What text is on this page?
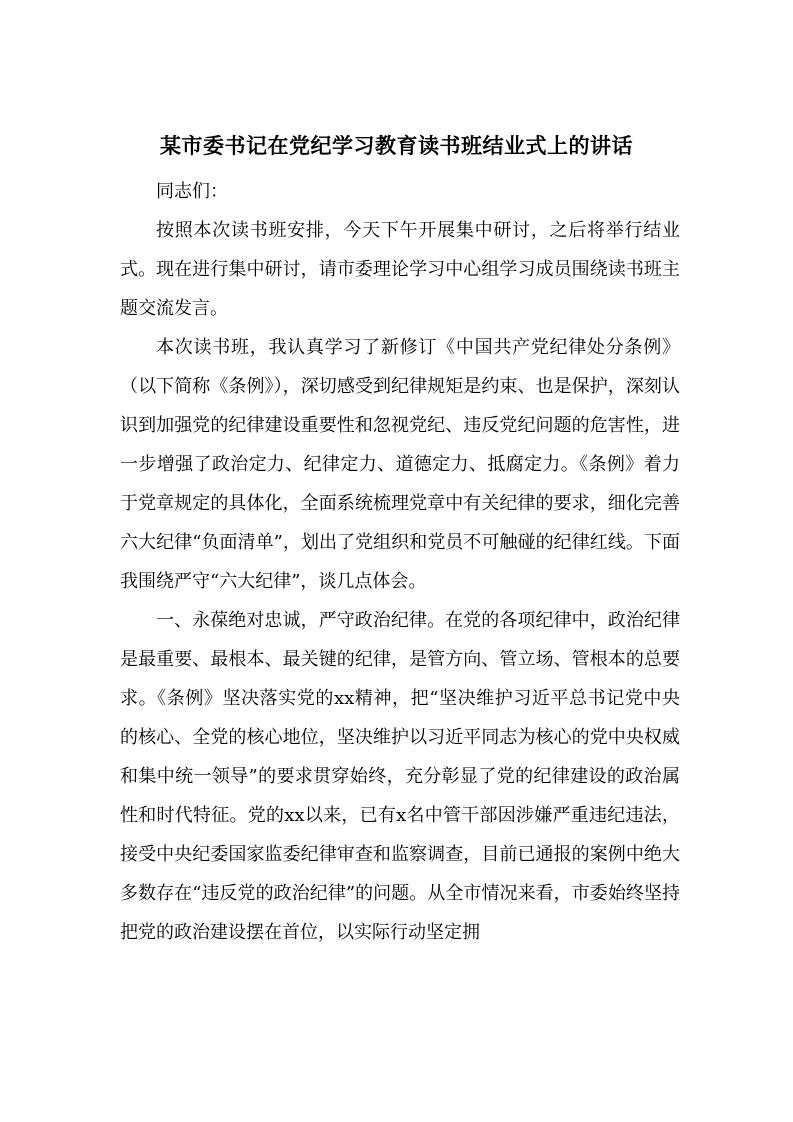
某市委书记在党纪学习教育读书班结业式上的讲话

同志们：

按照本次读书班安排，今天下午开展集中研讨，之后将举行结业式。现在进行集中研讨，请市委理论学习中心组学习成员围绕读书班主题交流发言。

本次读书班，我认真学习了新修订《中国共产党纪律处分条例》（以下简称《条例》），深切感受到纪律规矩是约束、也是保护，深刻认识到加强党的纪律建设重要性和忽视党纪、违反党纪问题的危害性，进一步增强了政治定力、纪律定力、道德定力、抵腐定力。《条例》着力于党章规定的具体化，全面系统梳理党章中有关纪律的要求，细化完善六大纪律“负面清单”，划出了党组织和党员不可触碰的纪律红线。下面我围绕严守“六大纪律”，谈几点体会。

一、永葆绝对忠诚，严守政治纪律。在党的各项纪律中，政治纪律是最重要、最根本、最关键的纪律，是管方向、管立场、管根本的总要求。《条例》坚决落实党的xx精神，把“坚决维护习近平总书记党中央的核心、全党的核心地位，坚决维护以习近平同志为核心的党中央权威和集中统一领导”的要求贯穿始终，充分彰显了党的纪律建设的政治属性和时代特征。党的xx以来，已有x名中管干部因涉嫌严重违纪违法，接受中央纪委国家监委纪律审查和监察调查，目前已通报的案例中绝大多数存在“违反党的政治纪律”的问题。从全市情况来看，市委始终坚持把党的政治建设摆在首位，以实际行动坚定拥
